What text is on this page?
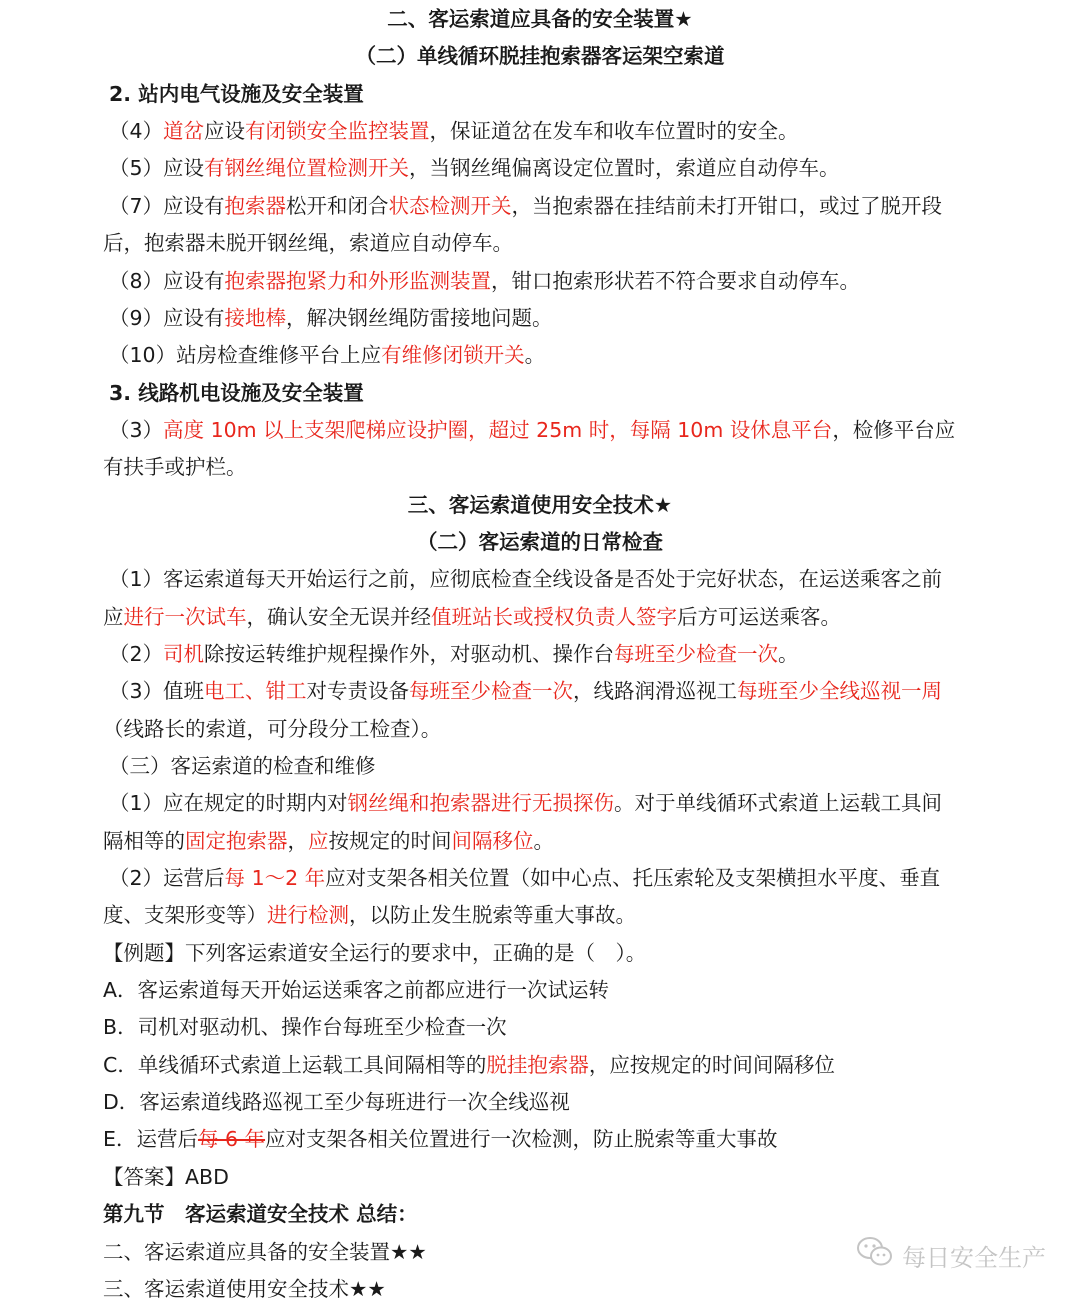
二、客运索道应具备的安全装置★
（二）单线循环脱挂抱索器客运架空索道
2. 站内电气设施及安全装置
（4）道岔应设有闭锁安全监控装置，保证道岔在发车和收车位置时的安全。
（5）应设有钢丝绳位置检测开关，当钢丝绳偏离设定位置时，索道应自动停车。
（7）应设有抱索器松开和闭合状态检测开关，当抱索器在挂结前未打开钳口，或过了脱开段
后，抱索器未脱开钢丝绳，索道应自动停车。
（8）应设有抱索器抱紧力和外形监测装置，钳口抱索形状若不符合要求自动停车。
（9）应设有接地棒，解决钢丝绳防雷接地问题。
（10）站房检查维修平台上应有维修闭锁开关。
3. 线路机电设施及安全装置
（3）高度 10m 以上支架爬梯应设护圈，超过 25m 时，每隔 10m 设休息平台，检修平台应
有扶手或护栏。
三、客运索道使用安全技术★
（二）客运索道的日常检查
（1）客运索道每天开始运行之前，应彻底检查全线设备是否处于完好状态，在运送乘客之前
应进行一次试车，确认安全无误并经值班站长或授权负责人签字后方可运送乘客。
（2）司机除按运转维护规程操作外，对驱动机、操作台每班至少检查一次。
（3）值班电工、钳工对专责设备每班至少检查一次，线路润滑巡视工每班至少全线巡视一周
（线路长的索道，可分段分工检查）。
（三）客运索道的检查和维修
（1）应在规定的时期内对钢丝绳和抱索器进行无损探伤。对于单线循环式索道上运载工具间
隔相等的固定抱索器，应按规定的时间间隔移位。
（2）运营后每 1～2 年应对支架各相关位置（如中心点、托压索轮及支架横担水平度、垂直
度、支架形变等）进行检测，以防止发生脱索等重大事故。
【例题】下列客运索道安全运行的要求中，正确的是（　）。
A．客运索道每天开始运送乘客之前都应进行一次试运转
B．司机对驱动机、操作台每班至少检查一次
C．单线循环式索道上运载工具间隔相等的脱挂抱索器，应按规定的时间间隔移位
D．客运索道线路巡视工至少每班进行一次全线巡视
E．运营后每 6 年应对支架各相关位置进行一次检测，防止脱索等重大事故
【答案】ABD
第九节　客运索道安全技术 总结：
二、客运索道应具备的安全装置★★
三、客运索道使用安全技术★★
每日安全生产
